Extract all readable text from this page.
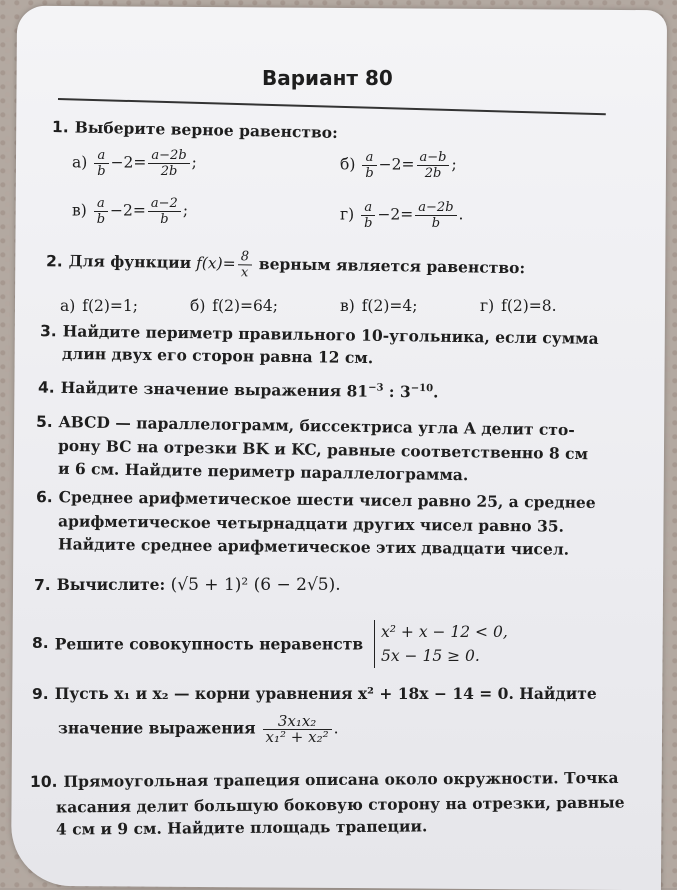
Вариант 80
1. Выберите верное равенство:
$а) \frac{a}{b} -2= \frac{a-2b}{2b}$ ;	$б) \frac{a}{b} -2= \frac{a-b}{2b}$ ;
$в) \frac{a}{b} -2= \frac{a-2}{b}$ ;	$г) \frac{a}{b} -2= \frac{a-2b}{b}$ .
2. Для функции $f(x)= \frac{8}{x}$ верным является равенство:
а) f(2)=1;	б) f(2)=64;	в) f(2)=4;	г) f(2)=8.
3. Найдите периметр правильного 10-угольника, если сумма
длин двух его сторон равна 12 см.
4. Найдите значение выражения $81^{-3}$ : $3^{-10}$.
5. ABCD — параллелограмм, биссектриса угла A делит сто-
рону BC на отрезки BK и KC, равные соответственно 8 см
и 6 см. Найдите периметр параллелограмма.
6. Среднее арифметическое шести чисел равно 25, а среднее
арифметическое четырнадцати других чисел равно 35.
Найдите среднее арифметическое этих двадцати чисел.
7. Вычислите: (√5 + 1)² (6 − 2√5).
8. Решите совокупность неравенств
x² + x − 12 < 0,
5x − 15 ≥ 0.
9. Пусть x₁ и x₂ — корни уравнения x² + 18x − 14 = 0. Найдите
значение выражения $\frac{\text{3x₁x₂}}{\text{x₁² + x₂²}}$ .
10. Прямоугольная трапеция описана около окружности. Точка
касания делит большую боковую сторону на отрезки, равные
4 см и 9 см. Найдите площадь трапеции.
